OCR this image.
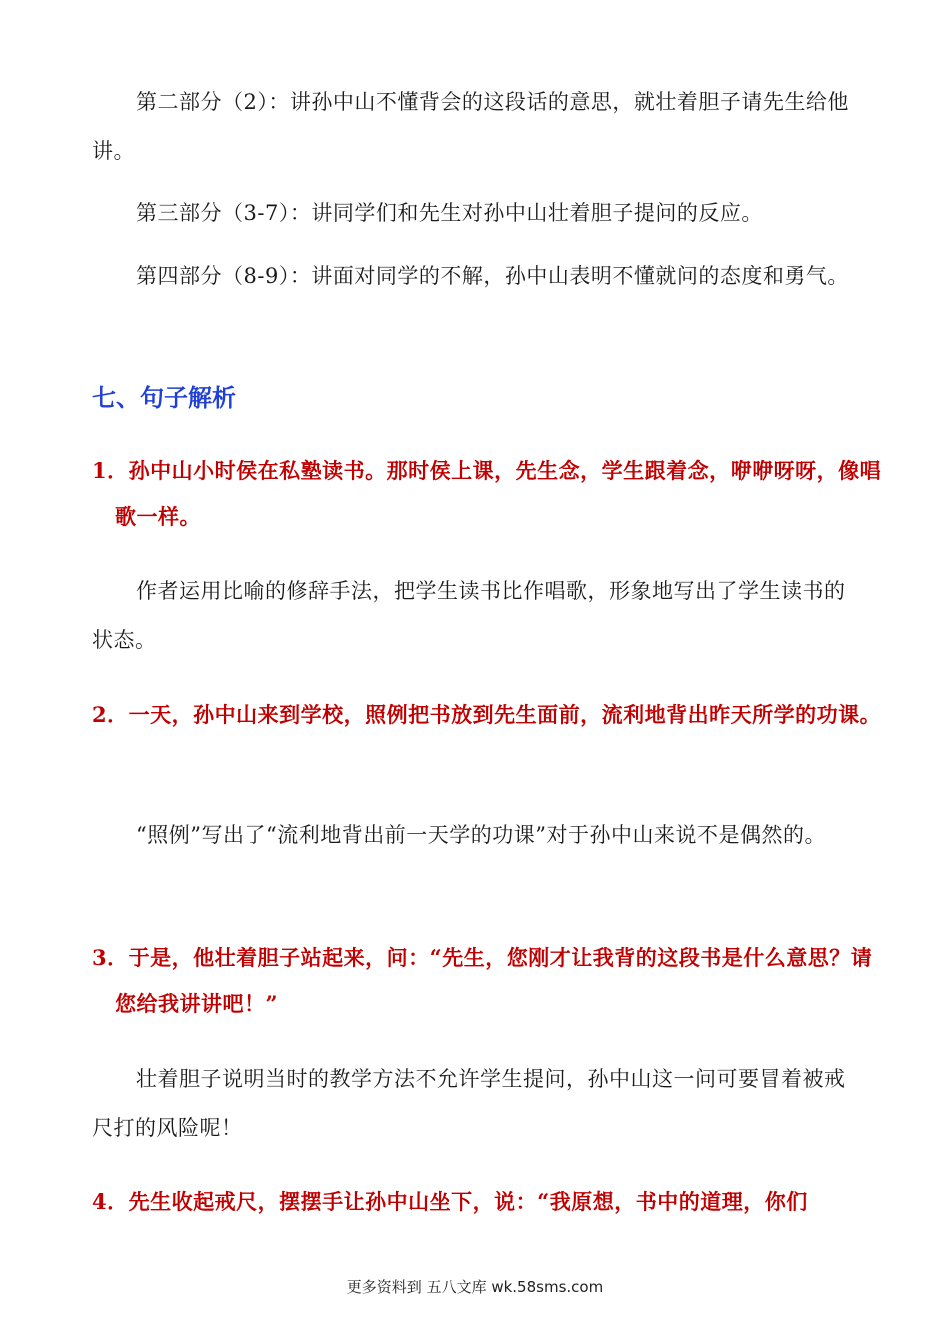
第二部分（2）：讲孙中山不懂背会的这段话的意思，就壮着胆子请先生给他讲。

第三部分（3-7）：讲同学们和先生对孙中山壮着胆子提问的反应。

第四部分（8-9）：讲面对同学的不解，孙中山表明不懂就问的态度和勇气。

七、句子解析

1．孙中山小时侯在私塾读书。那时侯上课，先生念，学生跟着念，咿咿呀呀，像唱歌一样。

作者运用比喻的修辞手法，把学生读书比作唱歌，形象地写出了学生读书的状态。

2．一天，孙中山来到学校，照例把书放到先生面前，流利地背出昨天所学的功课。

“照例”写出了“流利地背出前一天学的功课”对于孙中山来说不是偶然的。

3．于是，他壮着胆子站起来，问：“先生，您刚才让我背的这段书是什么意思？请您给我讲讲吧！”

壮着胆子说明当时的教学方法不允许学生提问，孙中山这一问可要冒着被戒尺打的风险呢！

4．先生收起戒尺，摆摆手让孙中山坐下，说：“我原想，书中的道理，你们

更多资料到 五八文库 wk.58sms.com
